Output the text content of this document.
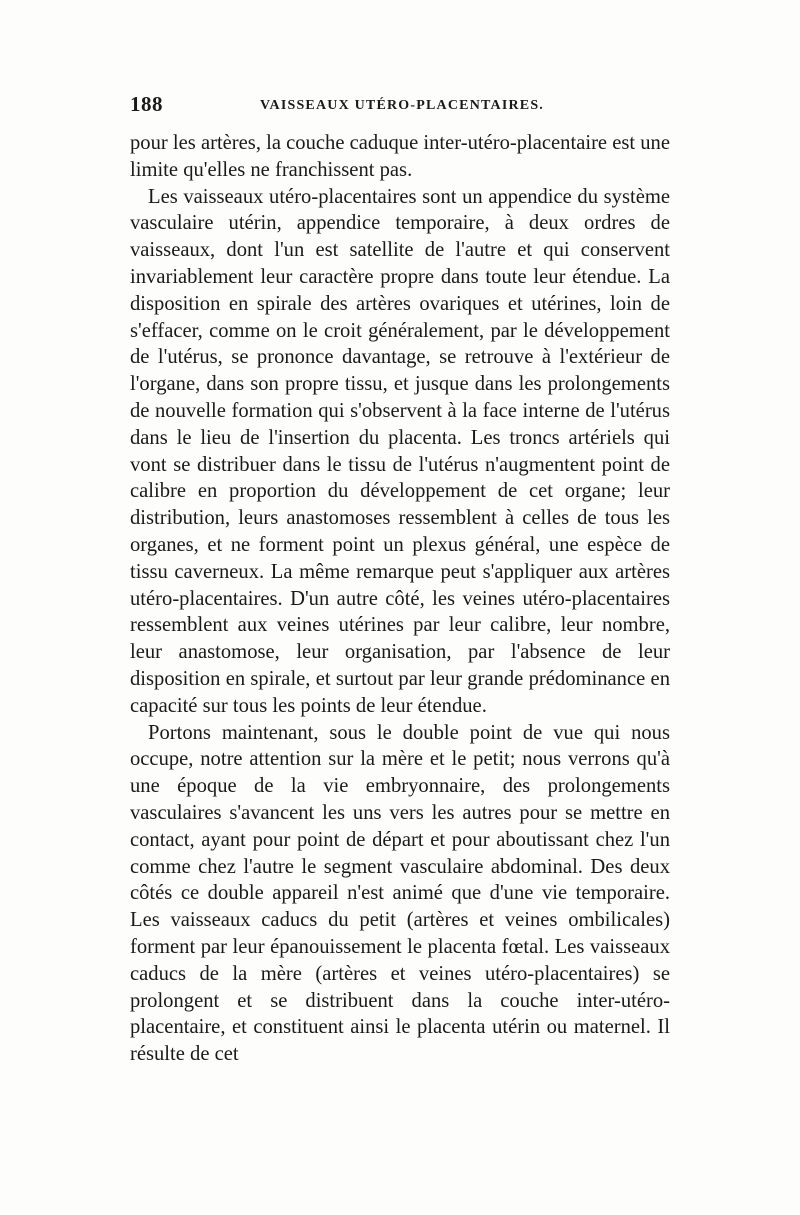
188	VAISSEAUX UTÉRO-PLACENTAIRES.

pour les artères, la couche caduque inter-utéro-placentaire est une limite qu'elles ne franchissent pas.

Les vaisseaux utéro-placentaires sont un appendice du système vasculaire utérin, appendice temporaire, à deux ordres de vaisseaux, dont l'un est satellite de l'autre et qui conservent invariablement leur caractère propre dans toute leur étendue. La disposition en spirale des artères ovariques et utérines, loin de s'effacer, comme on le croit généralement, par le développement de l'utérus, se prononce davantage, se retrouve à l'extérieur de l'organe, dans son propre tissu, et jusque dans les prolongements de nouvelle formation qui s'observent à la face interne de l'utérus dans le lieu de l'insertion du placenta. Les troncs artériels qui vont se distribuer dans le tissu de l'utérus n'augmentent point de calibre en proportion du développement de cet organe; leur distribution, leurs anastomoses ressemblent à celles de tous les organes, et ne forment point un plexus général, une espèce de tissu caverneux. La même remarque peut s'appliquer aux artères utéro-placentaires. D'un autre côté, les veines utéro-placentaires ressemblent aux veines utérines par leur calibre, leur nombre, leur anastomose, leur organisation, par l'absence de leur disposition en spirale, et surtout par leur grande prédominance en capacité sur tous les points de leur étendue.

Portons maintenant, sous le double point de vue qui nous occupe, notre attention sur la mère et le petit; nous verrons qu'à une époque de la vie embryonnaire, des prolongements vasculaires s'avancent les uns vers les autres pour se mettre en contact, ayant pour point de départ et pour aboutissant chez l'un comme chez l'autre le segment vasculaire abdominal. Des deux côtés ce double appareil n'est animé que d'une vie temporaire. Les vaisseaux caducs du petit (artères et veines ombilicales) forment par leur épanouissement le placenta fœtal. Les vaisseaux caducs de la mère (artères et veines utéro-placentaires) se prolongent et se distribuent dans la couche inter-utéro-placentaire, et constituent ainsi le placenta utérin ou maternel. Il résulte de cet
